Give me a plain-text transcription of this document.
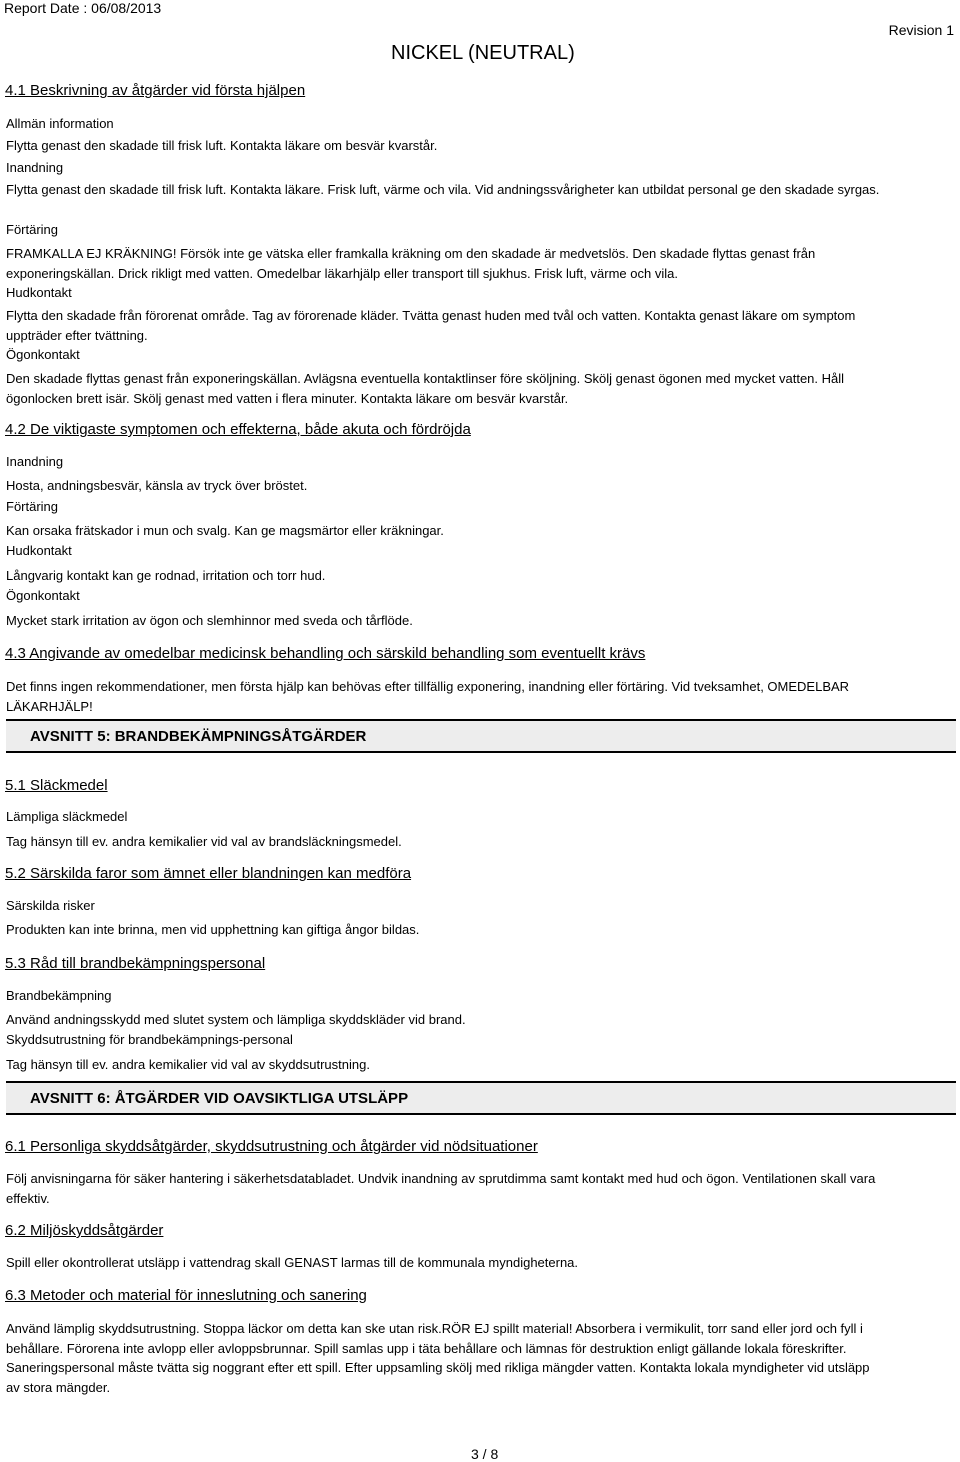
Report Date : 06/08/2013
Revision 1
NICKEL (NEUTRAL)
4.1 Beskrivning av åtgärder vid första hjälpen
Allmän information
Flytta genast den skadade till frisk luft. Kontakta läkare om besvär kvarstår.
Inandning
Flytta genast den skadade till frisk luft. Kontakta läkare. Frisk luft, värme och vila. Vid andningssvårigheter kan utbildat personal ge den skadade syrgas.
Förtäring
FRAMKALLA EJ KRÄKNING! Försök inte ge vätska eller framkalla kräkning om den skadade är medvetslös. Den skadade flyttas genast från exponeringskällan. Drick rikligt med vatten. Omedelbar läkarhjälp eller transport till sjukhus. Frisk luft, värme och vila.
Hudkontakt
Flytta den skadade från förorenat område. Tag av förorenade kläder. Tvätta genast huden med tvål och vatten. Kontakta genast läkare om symptom uppträder efter tvättning.
Ögonkontakt
Den skadade flyttas genast från exponeringskällan. Avlägsna eventuella kontaktlinser före sköljning. Skölj genast ögonen med mycket vatten. Håll ögonlocken brett isär. Skölj genast med vatten i flera minuter. Kontakta läkare om besvär kvarstår.
4.2 De viktigaste symptomen och effekterna, både akuta och fördröjda
Inandning
Hosta, andningsbesvär, känsla av tryck över bröstet.
Förtäring
Kan orsaka frätskador i mun och svalg. Kan ge magsmärtor eller kräkningar.
Hudkontakt
Långvarig kontakt kan ge rodnad, irritation och torr hud.
Ögonkontakt
Mycket stark irritation av ögon och slemhinnor med sveda och tårflöde.
4.3 Angivande av omedelbar medicinsk behandling och särskild behandling som eventuellt krävs
Det finns ingen rekommendationer, men första hjälp kan behövas efter tillfällig exponering, inandning eller förtäring. Vid tveksamhet, OMEDELBAR LÄKARHJÄLP!
AVSNITT 5: BRANDBEKÄMPNINGSÅTGÄRDER
5.1 Släckmedel
Lämpliga släckmedel
Tag hänsyn till ev. andra kemikalier vid val av brandsläckningsmedel.
5.2 Särskilda faror som ämnet eller blandningen kan medföra
Särskilda risker
Produkten kan inte brinna, men vid upphettning kan giftiga ångor bildas.
5.3 Råd till brandbekämpningspersonal
Brandbekämpning
Använd andningsskydd med slutet system och lämpliga skyddskläder vid brand.
Skyddsutrustning för brandbekämpnings-personal
Tag hänsyn till ev. andra kemikalier vid val av skyddsutrustning.
AVSNITT 6: ÅTGÄRDER VID OAVSIKTLIGA UTSLÄPP
6.1 Personliga skyddsåtgärder, skyddsutrustning och åtgärder vid nödsituationer
Följ anvisningarna för säker hantering i säkerhetsdatabladet. Undvik inandning av sprutdimma samt kontakt med hud och ögon. Ventilationen skall vara effektiv.
6.2 Miljöskyddsåtgärder
Spill eller okontrollerat utsläpp i vattendrag skall GENAST larmas till de kommunala myndigheterna.
6.3 Metoder och material för inneslutning och sanering
Använd lämplig skyddsutrustning. Stoppa läckor om detta kan ske utan risk.RÖR EJ spillt material! Absorbera i vermikulit, torr sand eller jord och fyll i behållare. Förorena inte avlopp eller avloppsbrunnar. Spill samlas upp i täta behållare och lämnas för destruktion enligt gällande lokala föreskrifter. Saneringspersonal måste tvätta sig noggrant efter ett spill. Efter uppsamling skölj med rikliga mängder vatten. Kontakta lokala myndigheter vid utsläpp av stora mängder.
3 / 8
